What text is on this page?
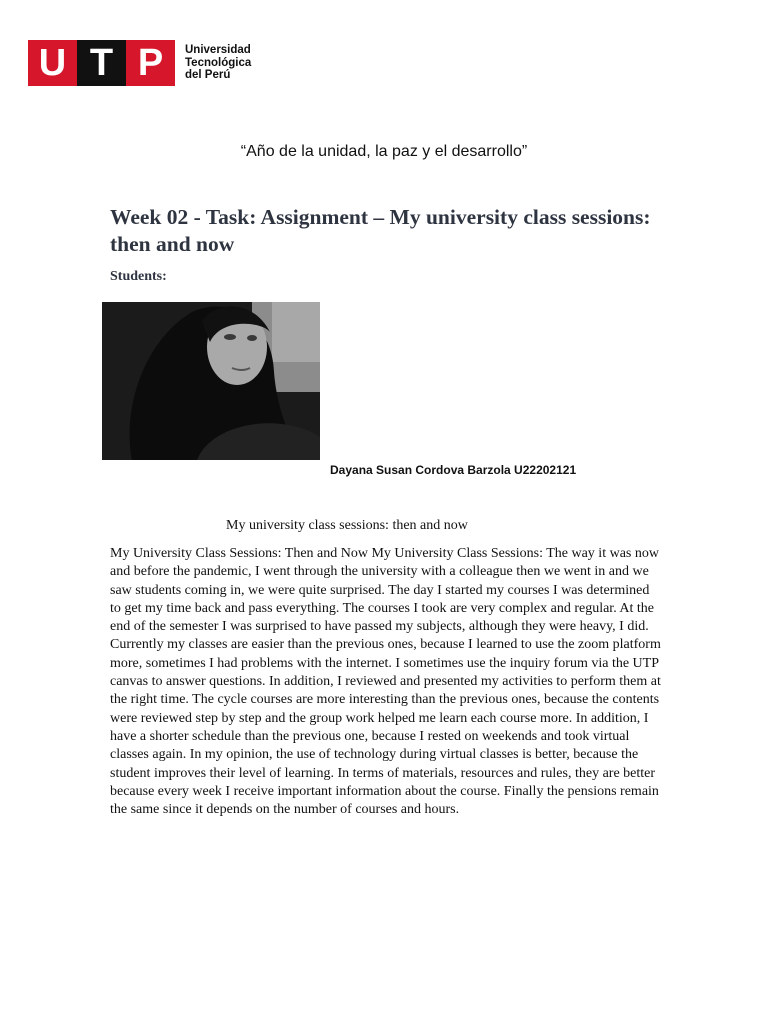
U T P	Universidad
Tecnológica
del Perú
“Año de la unidad, la paz y el desarrollo”
Week 02 - Task: Assignment – My university class sessions: then and now
Students:
Dayana Susan Cordova Barzola U22202121
My university class sessions: then and now

My University Class Sessions: Then and Now My University Class Sessions: The way it was now and before the pandemic, I went through the university with a colleague then we went in and we saw students coming in, we were quite surprised. The day I started my courses I was determined to get my time back and pass everything. The courses I took are very complex and regular. At the end of the semester I was surprised to have passed my subjects, although they were heavy, I did. Currently my classes are easier than the previous ones, because I learned to use the zoom platform more, sometimes I had problems with the internet. I sometimes use the inquiry forum via the UTP canvas to answer questions. In addition, I reviewed and presented my activities to perform them at the right time. The cycle courses are more interesting than the previous ones, because the contents were reviewed step by step and the group work helped me learn each course more. In addition, I have a shorter schedule than the previous one, because I rested on weekends and took virtual classes again. In my opinion, the use of technology during virtual classes is better, because the student improves their level of learning. In terms of materials, resources and rules, they are better because every week I receive important information about the course. Finally the pensions remain the same since it depends on the number of courses and hours.
